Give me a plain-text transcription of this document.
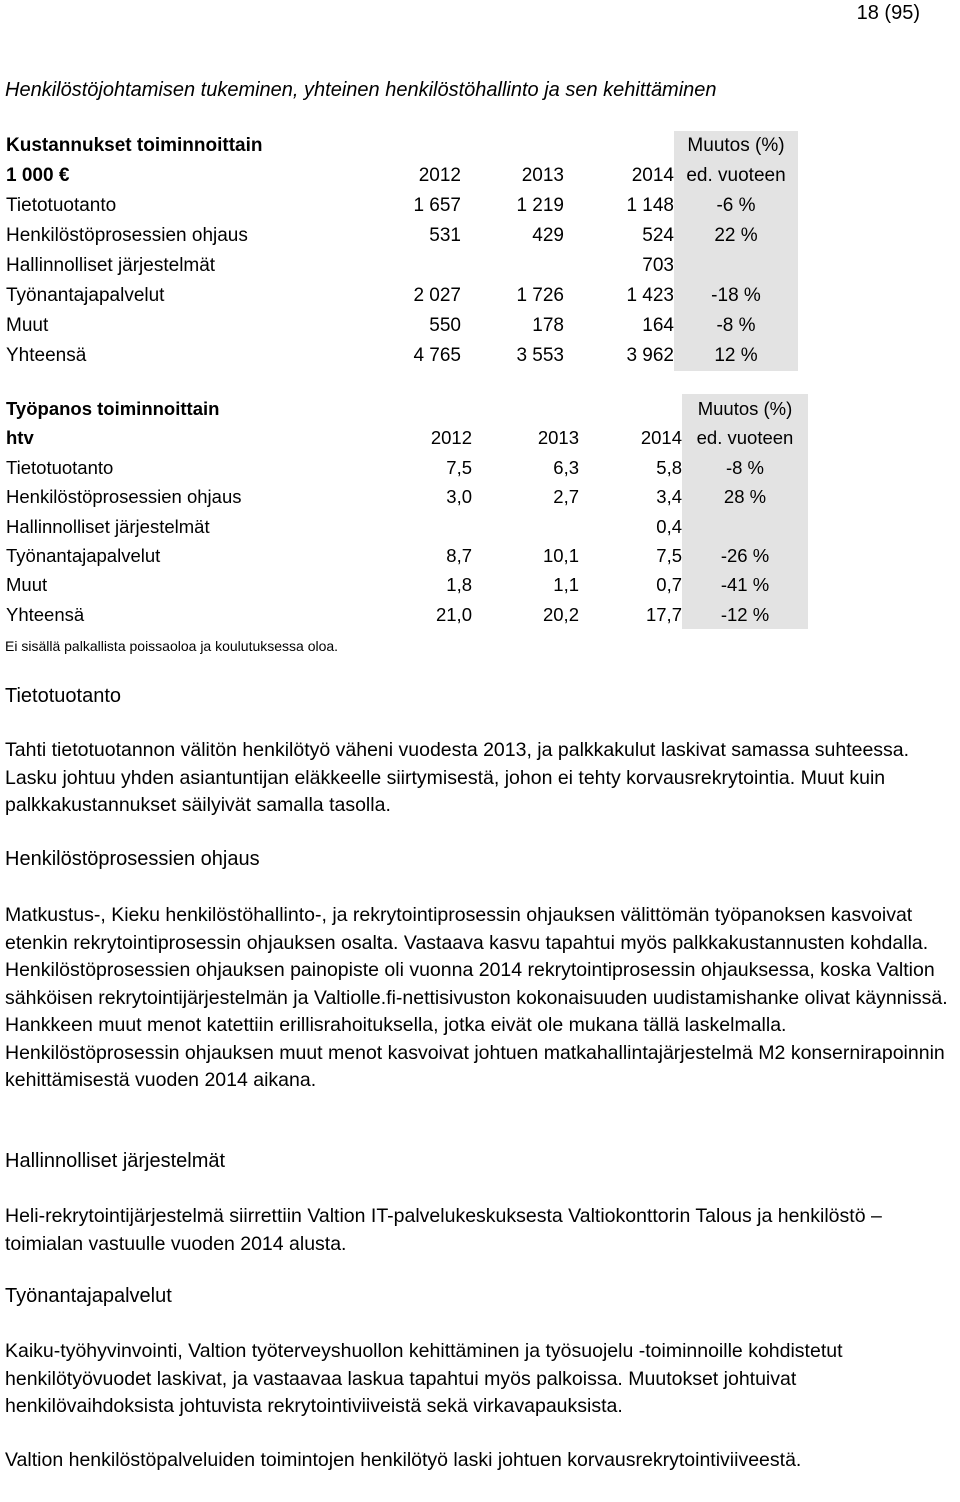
18 (95)
Henkilöstöjohtamisen tukeminen, yhteinen henkilöstöhallinto ja sen kehittäminen
Kustannukset toiminnoittain				Muutos (%)
1 000 €	2012	2013	2014	ed. vuoteen
Tietotuotanto	1 657	1 219	1 148	-6 %
Henkilöstöprosessien ohjaus	531	429	524	22 %
Hallinnolliset järjestelmät			703	
Työnantajapalvelut	2 027	1 726	1 423	-18 %
Muut	550	178	164	-8 %
Yhteensä	4 765	3 553	3 962	12 %
Työpanos toiminnoittain				Muutos (%)
htv	2012	2013	2014	ed. vuoteen
Tietotuotanto	7,5	6,3	5,8	-8 %
Henkilöstöprosessien ohjaus	3,0	2,7	3,4	28 %
Hallinnolliset järjestelmät			0,4	
Työnantajapalvelut	8,7	10,1	7,5	-26 %
Muut	1,8	1,1	0,7	-41 %
Yhteensä	21,0	20,2	17,7	-12 %
Ei sisällä palkallista poissaoloa ja koulutuksessa oloa.
Tietotuotanto

Tahti tietotuotannon välitön henkilötyö väheni vuodesta 2013, ja palkkakulut laskivat samassa suhteessa. Lasku johtuu yhden asiantuntijan eläkkeelle siirtymisestä, johon ei tehty korvausrekrytointia. Muut kuin palkkakustannukset säilyivät samalla tasolla.

Henkilöstöprosessien ohjaus

Matkustus-, Kieku henkilöstöhallinto-, ja rekrytointiprosessin ohjauksen välittömän työpanoksen kasvoivat etenkin rekrytointiprosessin ohjauksen osalta. Vastaava kasvu tapahtui myös palkkakustannusten kohdalla. Henkilöstöprosessien ohjauksen painopiste oli vuonna 2014 rekrytointiprosessin ohjauksessa, koska Valtion sähköisen rekrytointijärjestelmän ja Valtiolle.fi-nettisivuston kokonaisuuden uudistamishanke olivat käynnissä. Hankkeen muut menot katettiin erillisrahoituksella, jotka eivät ole mukana tällä laskelmalla. Henkilöstöprosessin ohjauksen muut menot kasvoivat johtuen matkahallintajärjestelmä M2 konsernirapoinnin kehittämisestä vuoden 2014 aikana.

Hallinnolliset järjestelmät

Heli-rekrytointijärjestelmä siirrettiin Valtion IT-palvelukeskuksesta Valtiokonttorin Talous ja henkilöstö –toimialan vastuulle vuoden 2014 alusta.

Työnantajapalvelut

Kaiku-työhyvinvointi, Valtion työterveyshuollon kehittäminen ja työsuojelu -toiminnoille kohdistetut henkilötyövuodet laskivat, ja vastaavaa laskua tapahtui myös palkoissa. Muutokset johtuivat henkilövaihdoksista johtuvista rekrytointiviiveistä sekä virkavapauksista.

Valtion henkilöstöpalveluiden toimintojen henkilötyö laski johtuen korvausrekrytointiviiveestä.
